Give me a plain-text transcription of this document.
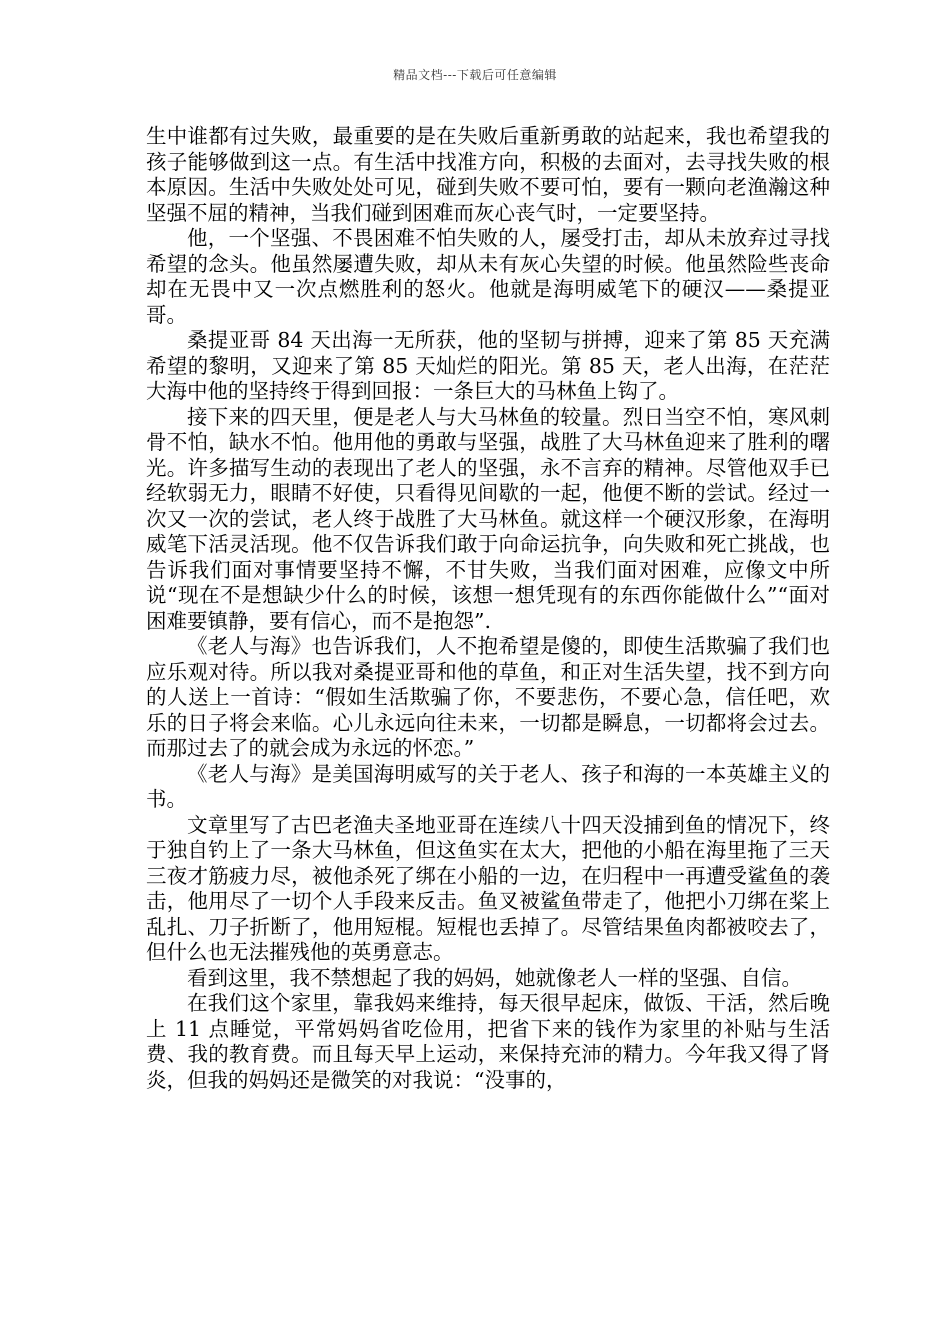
精品文档---下载后可任意编辑

生中谁都有过失败，最重要的是在失败后重新勇敢的站起来，我也希望我的孩子能够做到这一点。有生活中找准方向，积极的去面对，去寻找失败的根本原因。生活中失败处处可见，碰到失败不要可怕，要有一颗向老渔瀚这种坚强不屈的精神，当我们碰到困难而灰心丧气时，一定要坚持。

他，一个坚强、不畏困难不怕失败的人，屡受打击，却从未放弃过寻找希望的念头。他虽然屡遭失败，却从未有灰心失望的时候。他虽然险些丧命却在无畏中又一次点燃胜利的怒火。他就是海明威笔下的硬汉——桑提亚哥。

桑提亚哥 84 天出海一无所获，他的坚韧与拼搏，迎来了第 85 天充满希望的黎明，又迎来了第 85 天灿烂的阳光。第 85 天，老人出海，在茫茫大海中他的坚持终于得到回报：一条巨大的马林鱼上钩了。

接下来的四天里，便是老人与大马林鱼的较量。烈日当空不怕，寒风刺骨不怕，缺水不怕。他用他的勇敢与坚强，战胜了大马林鱼迎来了胜利的曙光。许多描写生动的表现出了老人的坚强，永不言弃的精神。尽管他双手已经软弱无力，眼睛不好使，只看得见间歇的一起，他便不断的尝试。经过一次又一次的尝试，老人终于战胜了大马林鱼。就这样一个硬汉形象，在海明威笔下活灵活现。他不仅告诉我们敢于向命运抗争，向失败和死亡挑战，也告诉我们面对事情要坚持不懈，不甘失败，当我们面对困难，应像文中所说“现在不是想缺少什么的时候，该想一想凭现有的东西你能做什么”“面对困难要镇静，要有信心，而不是抱怨”.

《老人与海》也告诉我们，人不抱希望是傻的，即使生活欺骗了我们也应乐观对待。所以我对桑提亚哥和他的草鱼，和正对生活失望，找不到方向的人送上一首诗：“假如生活欺骗了你，不要悲伤，不要心急，信任吧，欢乐的日子将会来临。心儿永远向往未来，一切都是瞬息，一切都将会过去。而那过去了的就会成为永远的怀恋。”

《老人与海》是美国海明威写的关于老人、孩子和海的一本英雄主义的书。

文章里写了古巴老渔夫圣地亚哥在连续八十四天没捕到鱼的情况下，终于独自钓上了一条大马林鱼，但这鱼实在太大，把他的小船在海里拖了三天三夜才筋疲力尽，被他杀死了绑在小船的一边，在归程中一再遭受鲨鱼的袭击，他用尽了一切个人手段来反击。鱼叉被鲨鱼带走了，他把小刀绑在桨上乱扎、刀子折断了，他用短棍。短棍也丢掉了。尽管结果鱼肉都被咬去了，但什么也无法摧残他的英勇意志。

看到这里，我不禁想起了我的妈妈，她就像老人一样的坚强、自信。

在我们这个家里，靠我妈来维持，每天很早起床，做饭、干活，然后晚上 11 点睡觉，平常妈妈省吃俭用，把省下来的钱作为家里的补贴与生活费、我的教育费。而且每天早上运动，来保持充沛的精力。今年我又得了肾炎，但我的妈妈还是微笑的对我说：“没事的，
